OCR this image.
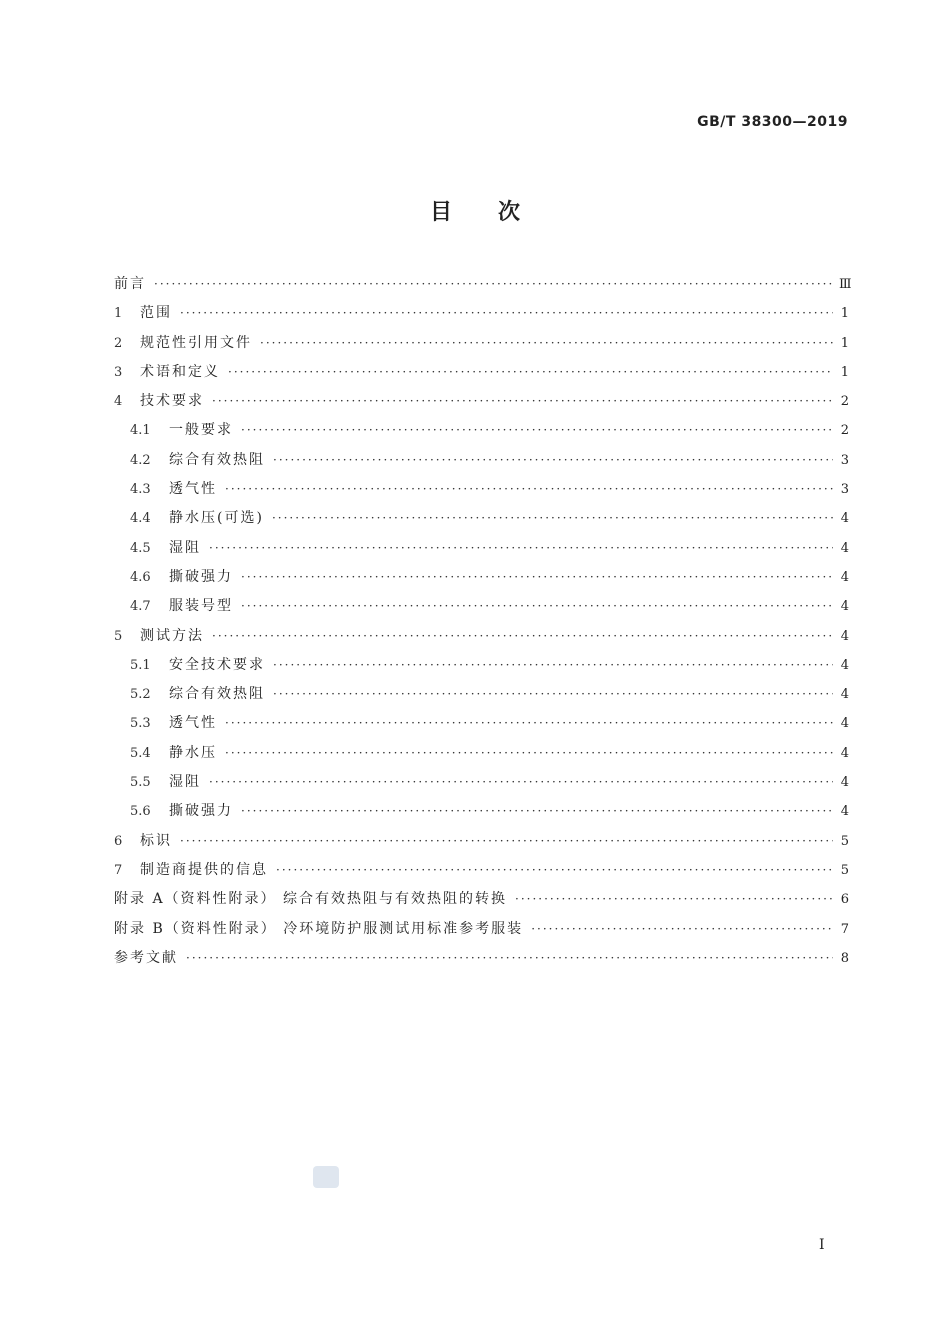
GB/T 38300—2019
目次
前言 ·····	Ⅲ
1	范围 ·····	1
2	规范性引用文件 ·····	1
3	术语和定义 ·····	1
4	技术要求 ·····	2
4.1	一般要求 ·····	2
4.2	综合有效热阻 ·····	3
4.3	透气性 ·····	3
4.4	静水压(可选) ·····	4
4.5	湿阻 ·····	4
4.6	撕破强力 ·····	4
4.7	服装号型 ·····	4
5	测试方法 ·····	4
5.1	安全技术要求 ·····	4
5.2	综合有效热阻 ·····	4
5.3	透气性 ·····	4
5.4	静水压 ·····	4
5.5	湿阻 ·····	4
5.6	撕破强力 ·····	4
6	标识 ·····	5
7	制造商提供的信息 ·····	5
附录 A（资料性附录） 综合有效热阻与有效热阻的转换 ·····	6
附录 B（资料性附录） 冷环境防护服测试用标准参考服装 ·····	7
参考文献 ·····	8
Ⅰ
